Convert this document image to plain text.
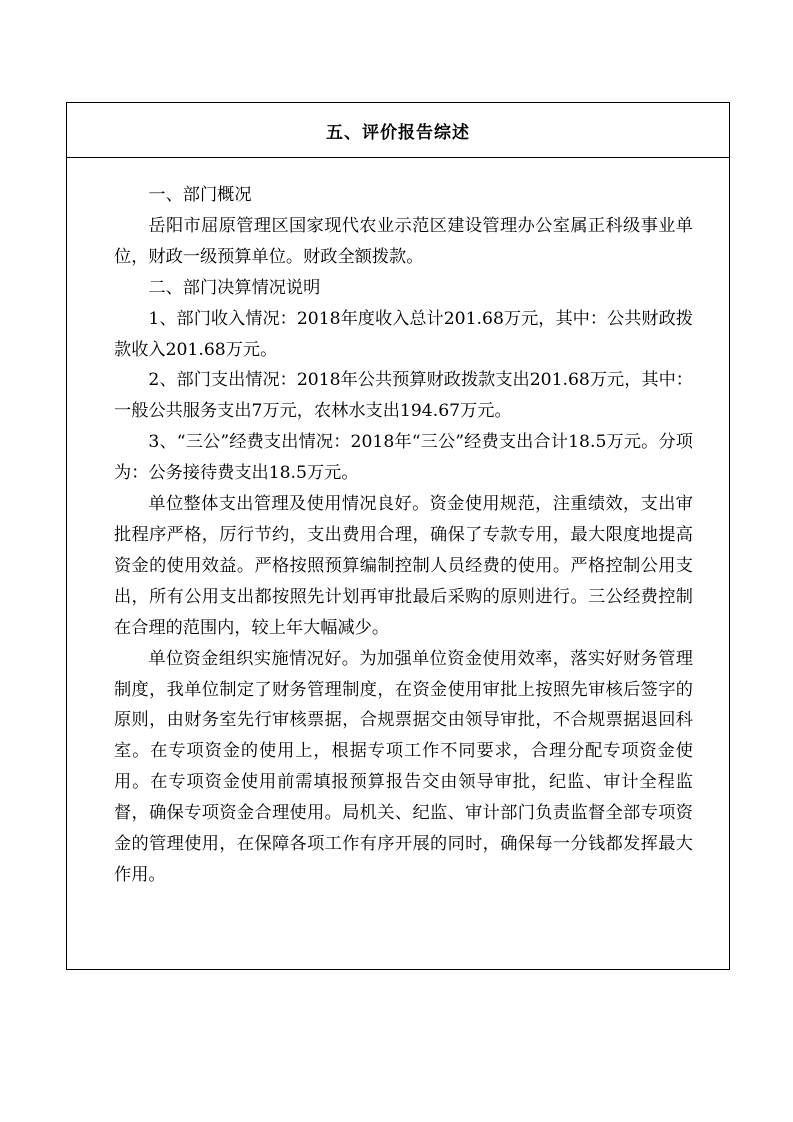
五、评价报告综述

一、部门概况

岳阳市屈原管理区国家现代农业示范区建设管理办公室属正科级事业单位，财政一级预算单位。财政全额拨款。

二、部门决算情况说明

1、部门收入情况：2018年度收入总计201.68万元，其中：公共财政拨款收入201.68万元。

2、部门支出情况：2018年公共预算财政拨款支出201.68万元，其中：一般公共服务支出7万元，农林水支出194.67万元。

3、“三公”经费支出情况：2018年“三公”经费支出合计18.5万元。分项为：公务接待费支出18.5万元。

单位整体支出管理及使用情况良好。资金使用规范，注重绩效，支出审批程序严格，厉行节约，支出费用合理，确保了专款专用，最大限度地提高资金的使用效益。严格按照预算编制控制人员经费的使用。严格控制公用支出，所有公用支出都按照先计划再审批最后采购的原则进行。三公经费控制在合理的范围内，较上年大幅减少。

单位资金组织实施情况好。为加强单位资金使用效率，落实好财务管理制度，我单位制定了财务管理制度，在资金使用审批上按照先审核后签字的原则，由财务室先行审核票据，合规票据交由领导审批，不合规票据退回科室。在专项资金的使用上，根据专项工作不同要求，合理分配专项资金使用。在专项资金使用前需填报预算报告交由领导审批，纪监、审计全程监督，确保专项资金合理使用。局机关、纪监、审计部门负责监督全部专项资金的管理使用，在保障各项工作有序开展的同时，确保每一分钱都发挥最大作用。
